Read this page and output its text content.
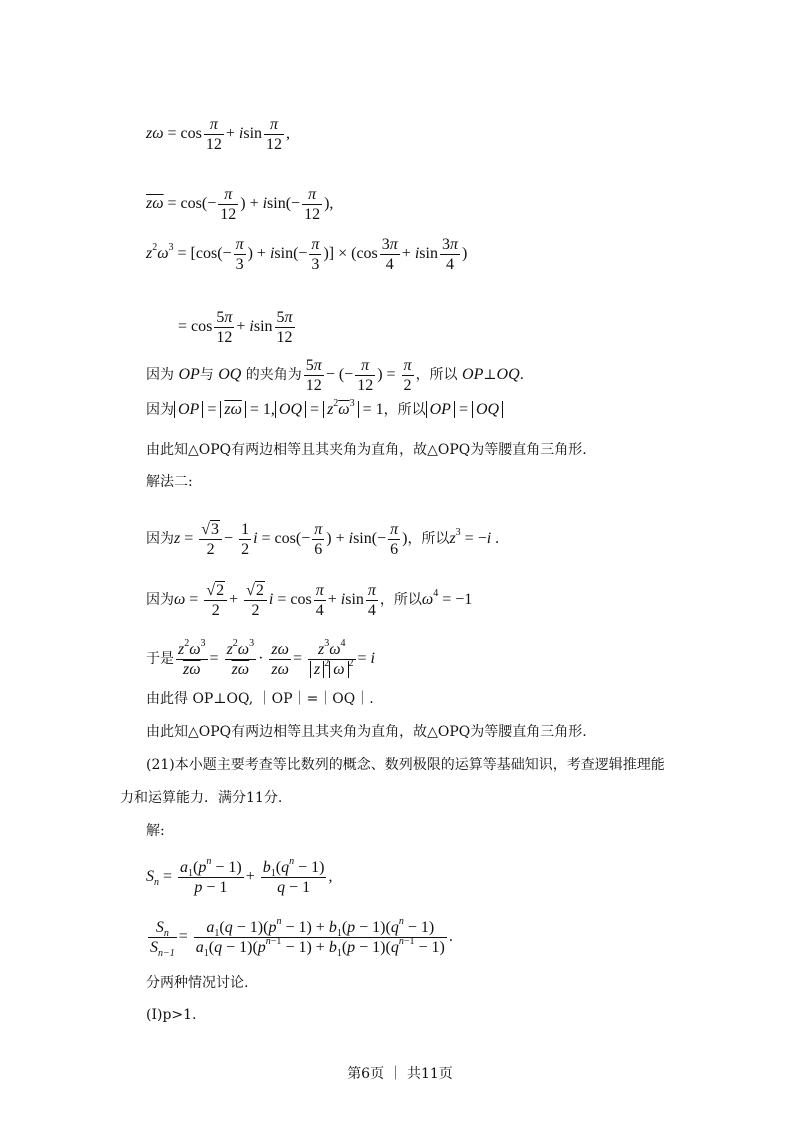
$z\omega = \cos \frac{\pi}{12} + isin \frac{\pi}{12}$ ,
$\overline{z\omega} = \cos(- \frac{\pi}{12}$ ) + $isin(- \frac{\pi}{12}$ ),
$z^2\omega^3 = [\cos(- \frac{\pi}{3}$ ) + $isin(- \frac{\pi}{3}$ )] × ($\cos \frac{3\pi}{4} + isin \frac{3\pi}{4}$ )
= $\cos \frac{5\pi}{12} + isin \frac{5\pi}{12}$
因为 OP与 OQ 的夹角为 $\frac{5\pi}{12}$ − (− $\frac{\pi}{12}$ ) = $\frac{\pi}{2}$ ，所以 OP⊥OQ.
因为 OP = $\overline{z\omega} = 1$, OQ = $z^2\overline{\omega}^3 = 1$，所以 OP = OQ
由此知△OPQ有两边相等且其夹角为直角，故△OPQ为等腰直角三角形.
解法二:
因为z = √ $\frac{3}{2} - \frac{1}{2}$ $i = \cos(- \frac{\pi}{6}$ ) + $isin(- \frac{\pi}{6}$ )，所以$z^3 = -i$ .
因为ω = √ $\frac{2}{2}$ + √ $\frac{2}{2}$ $i = \cos \frac{\pi}{4} + isin \frac{\pi}{4}$ ，所以$\omega^4 = -1$
于是 $\frac{z^2\omega^3}{z\omega} = \frac{z^2\omega^3}{z\omega} \cdot \frac{z\omega}{z\omega} = \frac{z^3\omega^4}{z ^2 \omega ^2} = i$
由此得 OP⊥OQ, ｜OP｜=｜OQ｜.
由此知△OPQ有两边相等且其夹角为直角，故△OPQ为等腰直角三角形.
(21)本小题主要考查等比数列的概念、数列极限的运算等基础知识，考查逻辑推理能
力和运算能力．满分11分.
解:
$S_n = \frac{a_1(p^n - 1)}{p - 1} + \frac{b_1(q^n - 1)}{q - 1}$ ,
$\frac{S_n}{S_{n-1}} = \frac{a_1(q - 1)(p^n - 1) + b_1(p - 1)(q^n - 1)}{a_1(q - 1)(p^{n-1} - 1) + b_1(p - 1)(q^{n-1} - 1)}$ .
分两种情况讨论.
(Ⅰ)p>1.
第6页 ｜ 共11页
